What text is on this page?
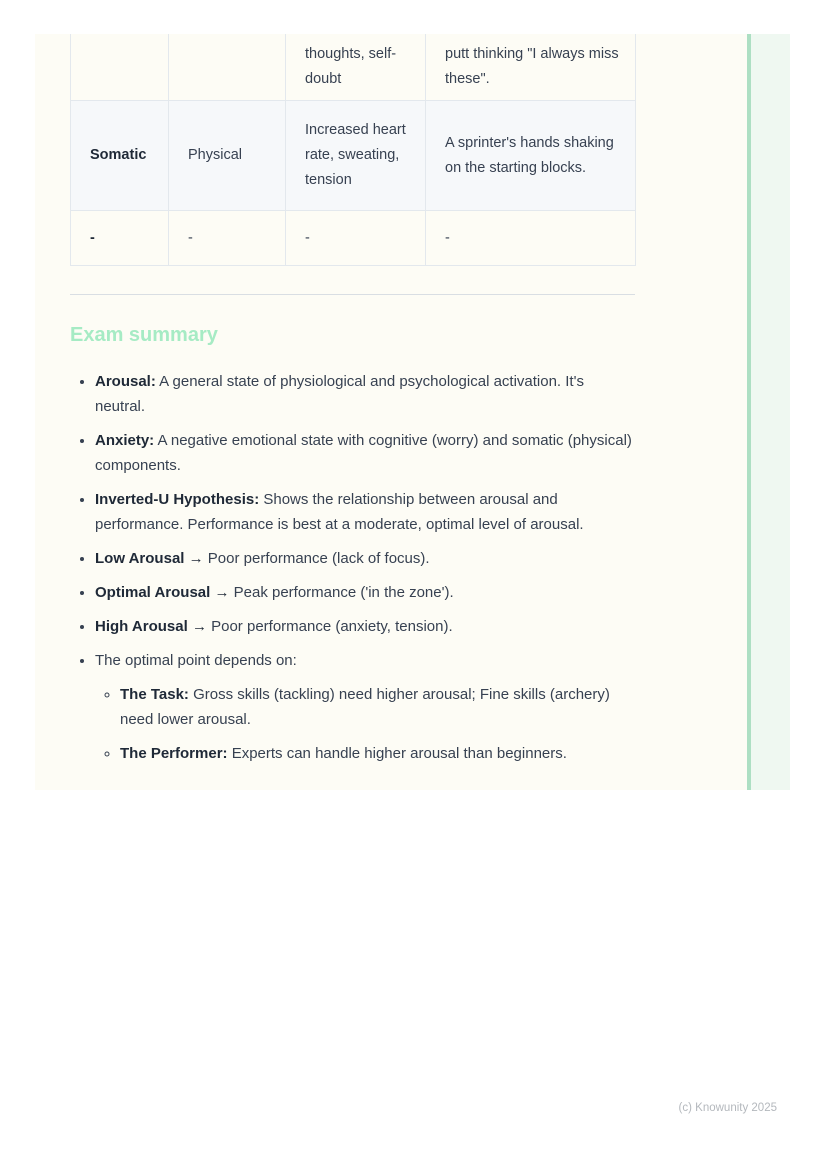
		thoughts, self-doubt	putt thinking "I always miss these".
Somatic	Physical	Increased heart rate, sweating, tension	A sprinter's hands shaking on the starting blocks.
-	-	-	-
Exam summary
• Arousal: A general state of physiological and psychological activation. It's neutral.
• Anxiety: A negative emotional state with cognitive (worry) and somatic (physical) components.
• Inverted-U Hypothesis: Shows the relationship between arousal and performance. Performance is best at a moderate, optimal level of arousal.
• Low Arousal → Poor performance (lack of focus).
• Optimal Arousal → Peak performance ('in the zone').
• High Arousal → Poor performance (anxiety, tension).
• The optimal point depends on:
◦ The Task: Gross skills (tackling) need higher arousal; Fine skills (archery) need lower arousal.
◦ The Performer: Experts can handle higher arousal than beginners.
(c) Knowunity 2025
